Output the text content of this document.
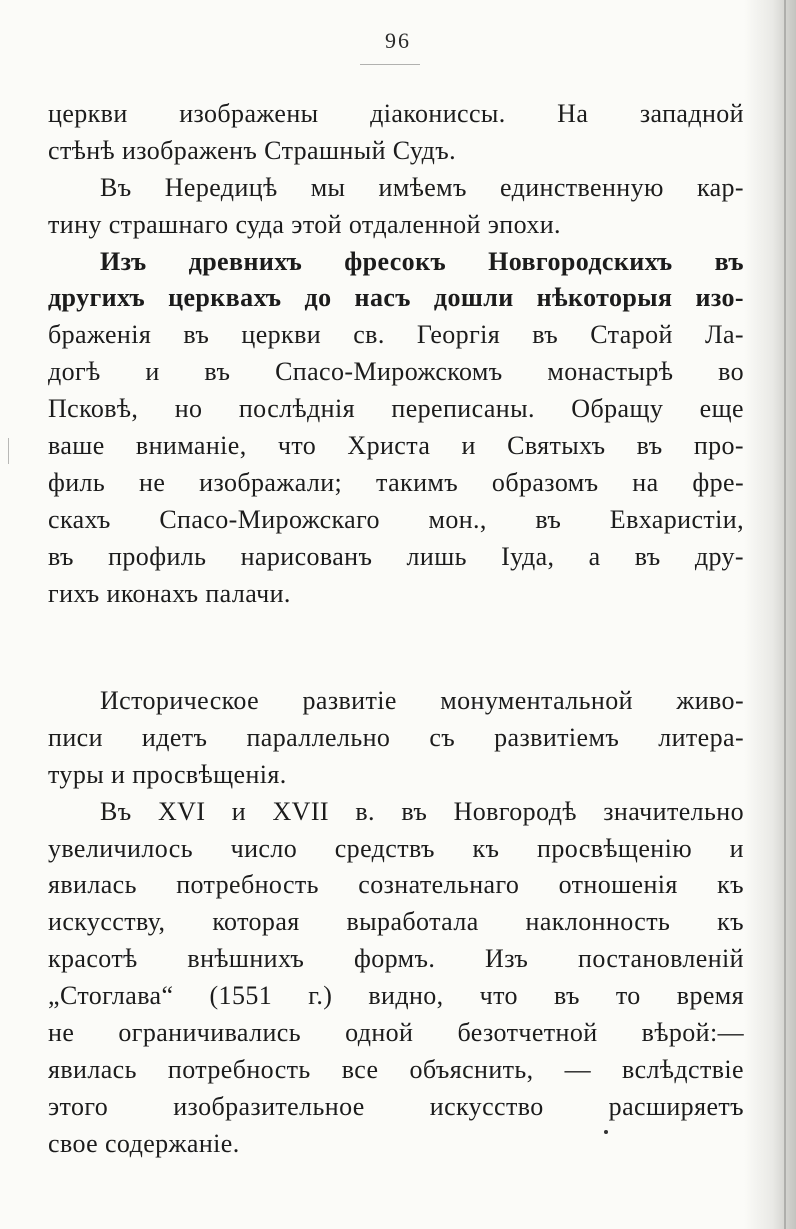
96
церкви изображены діакониссы. На западной
стѣнѣ изображенъ Страшный Судъ.
Въ Нередицѣ мы имѣемъ единственную кар-
тину страшнаго суда этой отдаленной эпохи.
Изъ древнихъ фресокъ Новгородскихъ въ
другихъ церквахъ до насъ дошли нѣкоторыя изо-
браженія въ церкви св. Георгія въ Старой Ла-
догѣ и въ Спасо-Мирожскомъ монастырѣ во
Псковѣ, но послѣднія переписаны. Обращу еще
ваше вниманіе, что Христа и Святыхъ въ про-
филь не изображали; такимъ образомъ на фре-
скахъ Спасо-Мирожскаго мон., въ Евхаристіи,
въ профиль нарисованъ лишь Іуда, а въ дру-
гихъ иконахъ палачи.
Историческое развитіе монументальной живо-
писи идетъ параллельно съ развитіемъ литера-
туры и просвѣщенія.
Въ XVI и XVII в. въ Новгородѣ значительно
увеличилось число средствъ къ просвѣщенію и
явилась потребность сознательнаго отношенія къ
искусству, которая выработала наклонность къ
красотѣ внѣшнихъ формъ. Изъ постановленій
„Стоглава“ (1551 г.) видно, что въ то время
не ограничивались одной безотчетной вѣрой:—
явилась потребность все объяснить, — вслѣдствіе
этого изобразительное искусство расширяетъ
свое содержаніе.
